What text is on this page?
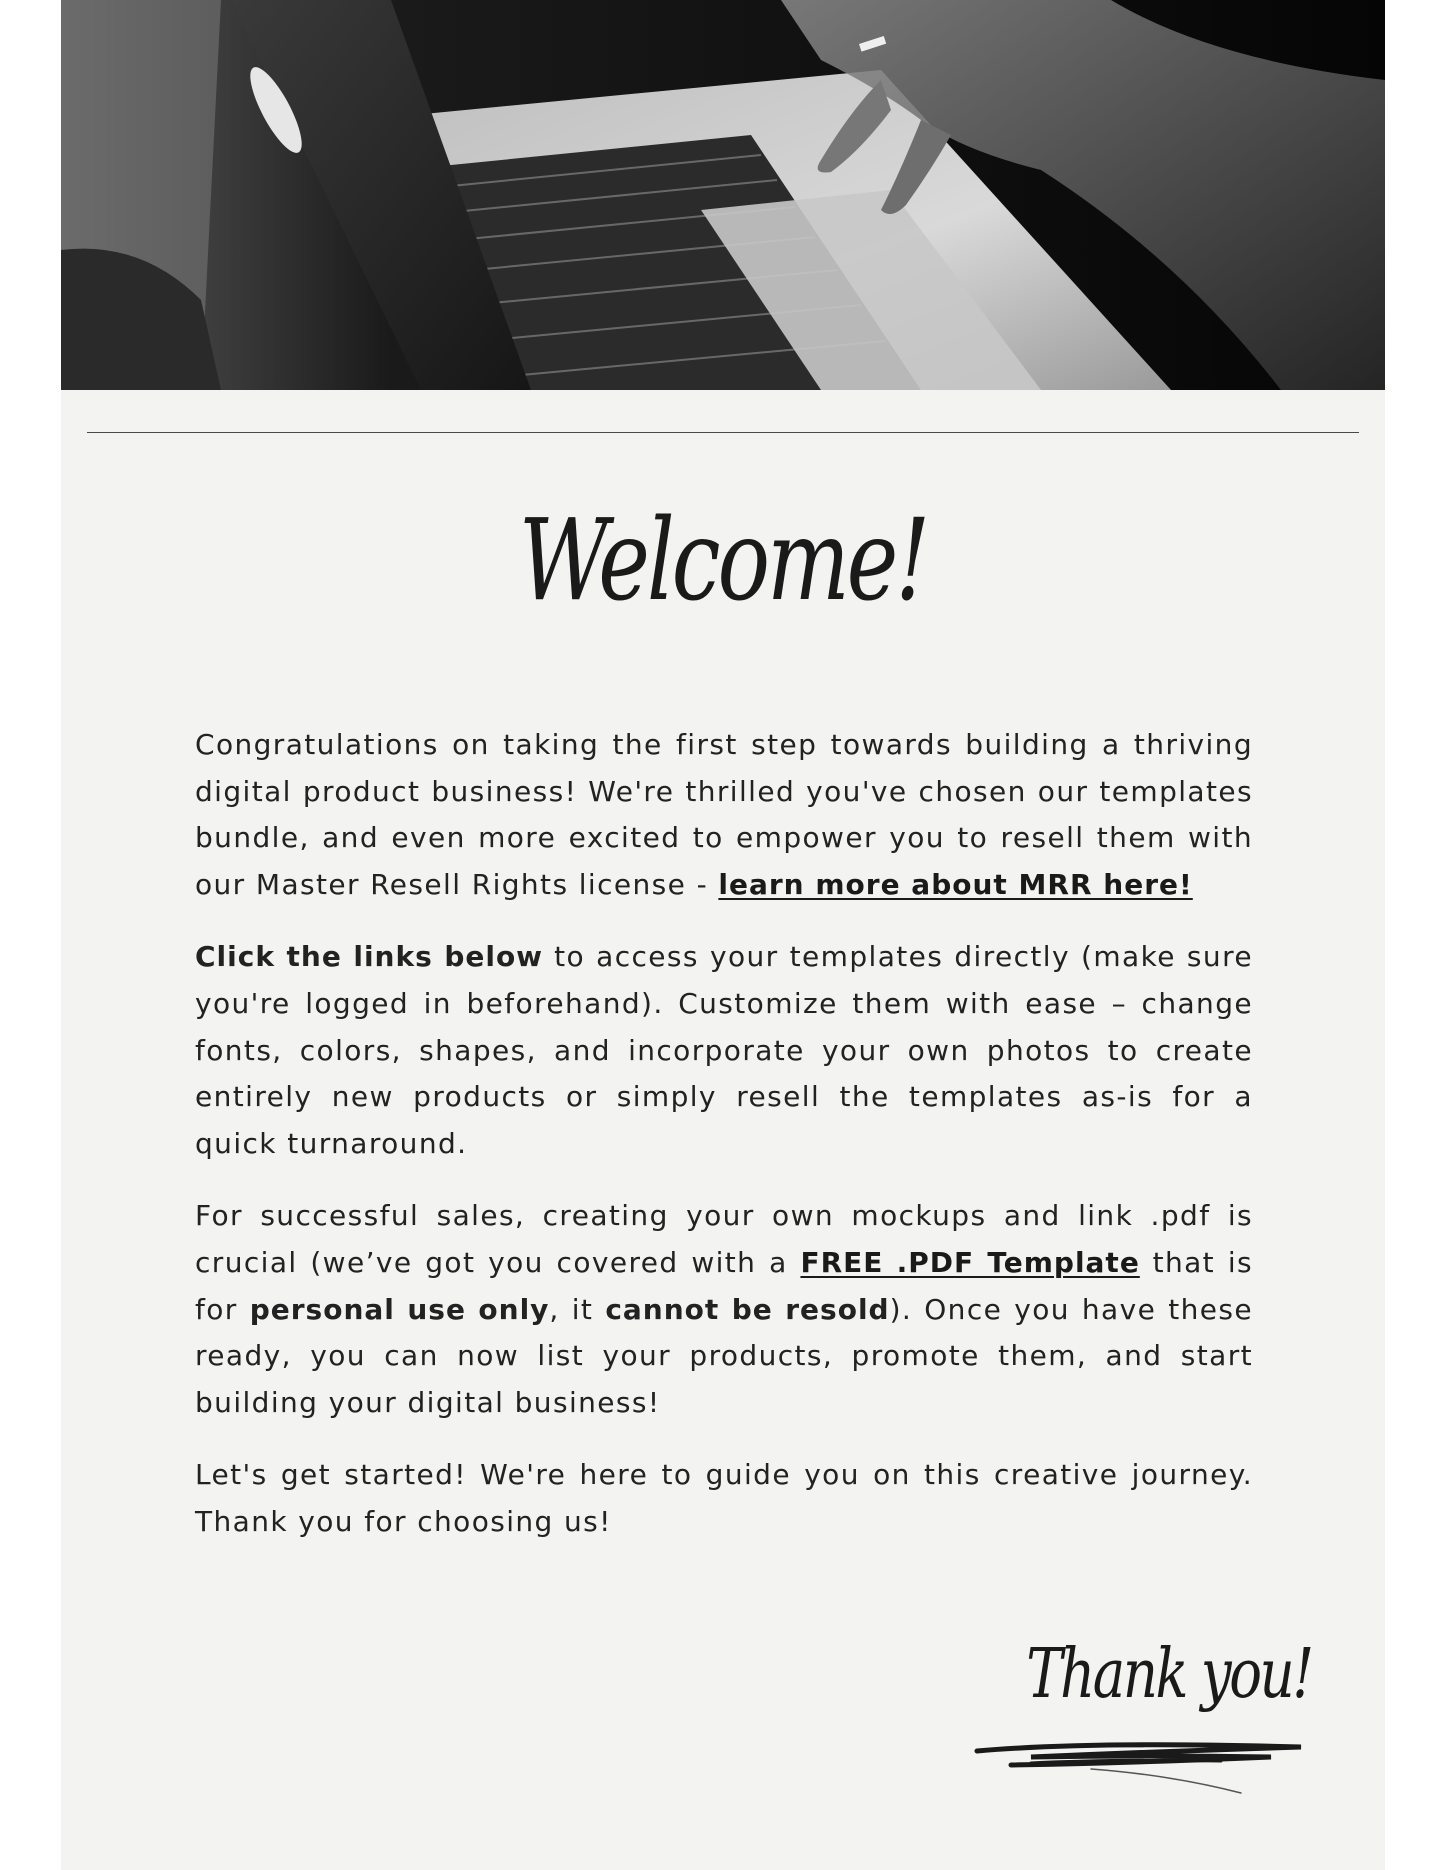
Welcome!

Congratulations on taking the first step towards building a thriving digital product business! We're thrilled you've chosen our templates bundle, and even more excited to empower you to resell them with our Master Resell Rights license - learn more about MRR here!

Click the links below to access your templates directly (make sure you're logged in beforehand). Customize them with ease – change fonts, colors, shapes, and incorporate your own photos to create entirely new products or simply resell the templates as-is for a quick turnaround.

For successful sales, creating your own mockups and link .pdf is crucial (we’ve got you covered with a FREE .PDF Template that is for personal use only, it cannot be resold). Once you have these ready, you can now list your products, promote them, and start building your digital business!

Let's get started! We're here to guide you on this creative journey. Thank you for choosing us!

Thank you!
